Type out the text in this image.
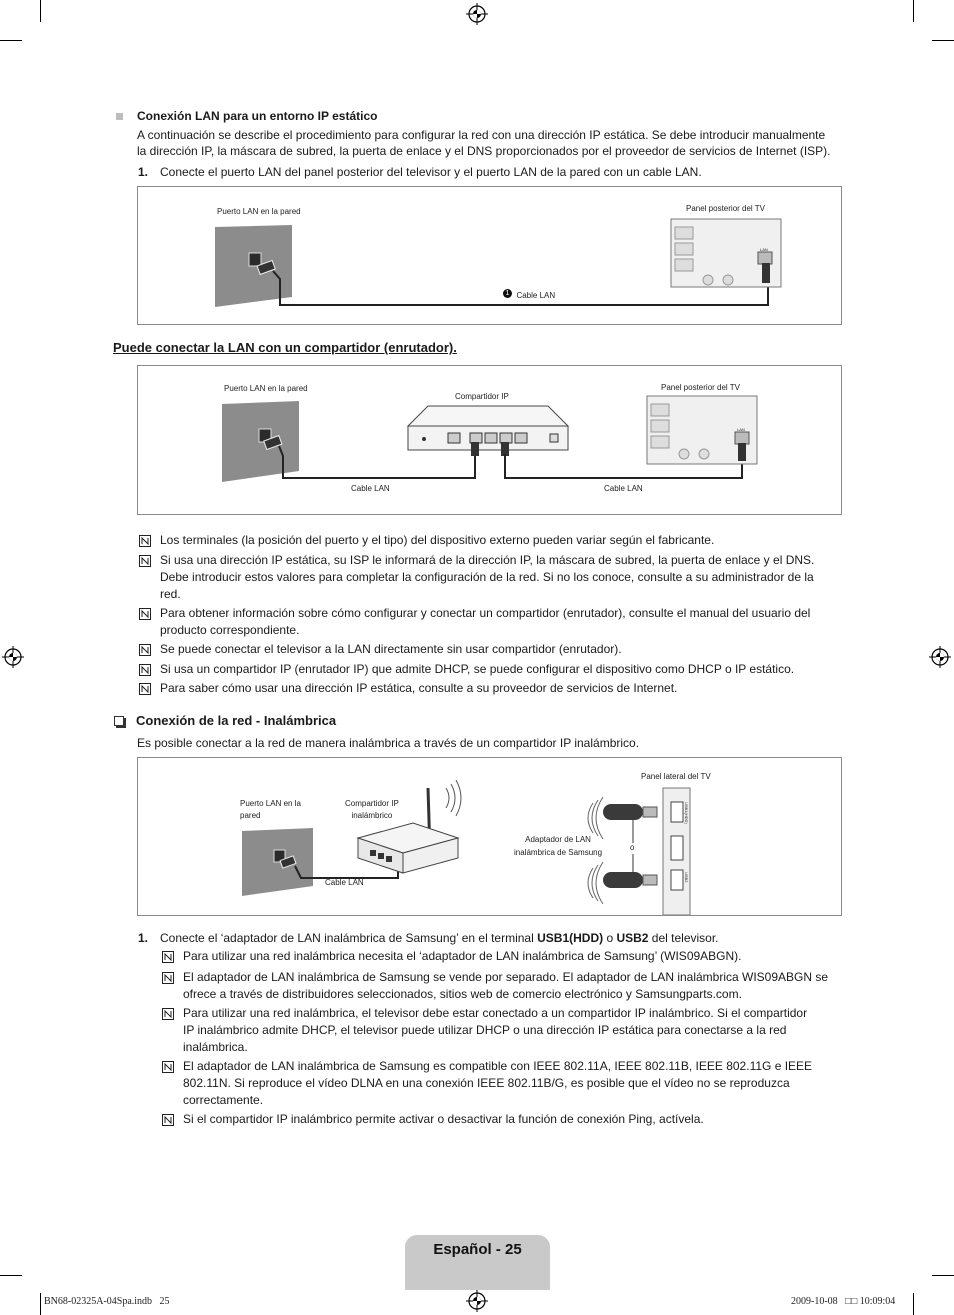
Conexión LAN para un entorno IP estático
A continuación se describe el procedimiento para configurar la red con una dirección IP estática. Se debe introducir manualmente
la dirección IP, la máscara de subred, la puerta de enlace y el DNS proporcionados por el proveedor de servicios de Internet (ISP).
1. Conecte el puerto LAN del panel posterior del televisor y el puerto LAN de la pared con un cable LAN.
Puerto LAN en la pared	Panel posterior del TV
LAN
1 Cable LAN
Puede conectar la LAN con un compartidor (enrutador).
Puerto LAN en la pared
Compartidor IP
Panel posterior del TV
LAN
Cable LAN	Cable LAN
Los terminales (la posición del puerto y el tipo) del dispositivo externo pueden variar según el fabricante.
Si usa una dirección IP estática, su ISP le informará de la dirección IP, la máscara de subred, la puerta de enlace y el DNS.
Debe introducir estos valores para completar la configuración de la red. Si no los conoce, consulte a su administrador de la
red.
Para obtener información sobre cómo configurar y conectar un compartidor (enrutador), consulte el manual del usuario del
producto correspondiente.
Se puede conectar el televisor a la LAN directamente sin usar compartidor (enrutador).
Si usa un compartidor IP (enrutador IP) que admite DHCP, se puede configurar el dispositivo como DHCP o IP estático.
Para saber cómo usar una dirección IP estática, consulte a su proveedor de servicios de Internet.
Conexión de la red - Inalámbrica
Es posible conectar a la red de manera inalámbrica a través de un compartidor IP inalámbrico.
Puerto LAN en la
pared
Compartidor IP
inalámbrico
Cable LAN
Panel lateral del TV
Adaptador de LAN
inalámbrica de Samsung
o
USB1(HDD)
USB2
1. Conecte el ‘adaptador de LAN inalámbrica de Samsung’ en el terminal USB1(HDD) o USB2 del televisor.
Para utilizar una red inalámbrica necesita el ‘adaptador de LAN inalámbrica de Samsung’ (WIS09ABGN).
El adaptador de LAN inalámbrica de Samsung se vende por separado. El adaptador de LAN inalámbrica WIS09ABGN se
ofrece a través de distribuidores seleccionados, sitios web de comercio electrónico y Samsungparts.com.
Para utilizar una red inalámbrica, el televisor debe estar conectado a un compartidor IP inalámbrico. Si el compartidor
IP inalámbrico admite DHCP, el televisor puede utilizar DHCP o una dirección IP estática para conectarse a la red
inalámbrica.
El adaptador de LAN inalámbrica de Samsung es compatible con IEEE 802.11A, IEEE 802.11B, IEEE 802.11G e IEEE
802.11N. Si reproduce el vídeo DLNA en una conexión IEEE 802.11B/G, es posible que el vídeo no se reproduzca
correctamente.
Si el compartidor IP inalámbrico permite activar o desactivar la función de conexión Ping, actívela.
Español - 25
BN68-02325A-04Spa.indb   25	2009-10-08   □□ 10:09:04
